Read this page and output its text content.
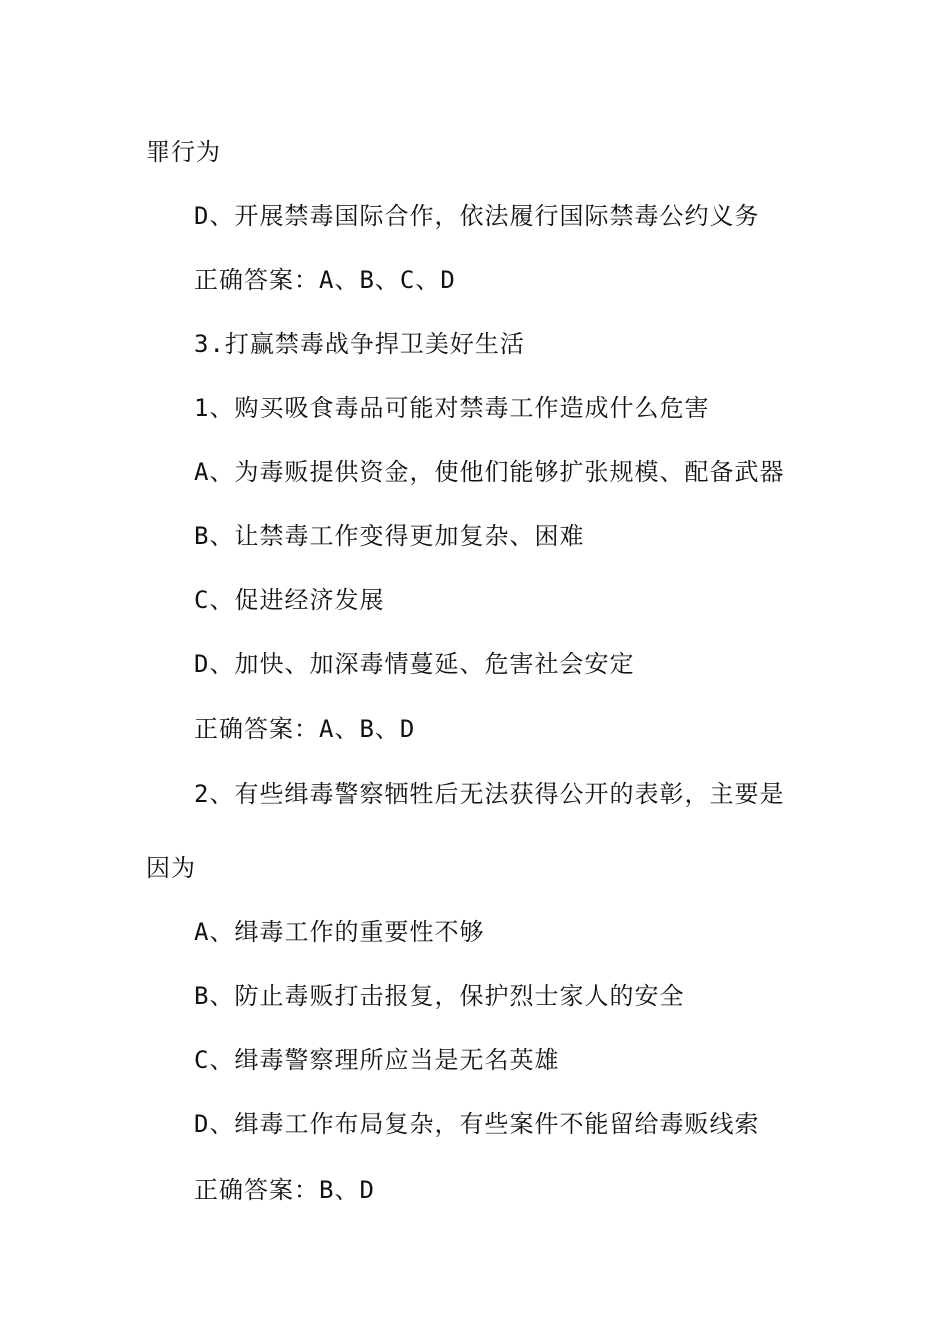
罪行为
D、开展禁毒国际合作，依法履行国际禁毒公约义务
正确答案：A、B、C、D
3.打赢禁毒战争捍卫美好生活
1、购买吸食毒品可能对禁毒工作造成什么危害
A、为毒贩提供资金，使他们能够扩张规模、配备武器
B、让禁毒工作变得更加复杂、困难
C、促进经济发展
D、加快、加深毒情蔓延、危害社会安定
正确答案：A、B、D
2、有些缉毒警察牺牲后无法获得公开的表彰，主要是
因为
A、缉毒工作的重要性不够
B、防止毒贩打击报复，保护烈士家人的安全
C、缉毒警察理所应当是无名英雄
D、缉毒工作布局复杂，有些案件不能留给毒贩线索
正确答案：B、D
